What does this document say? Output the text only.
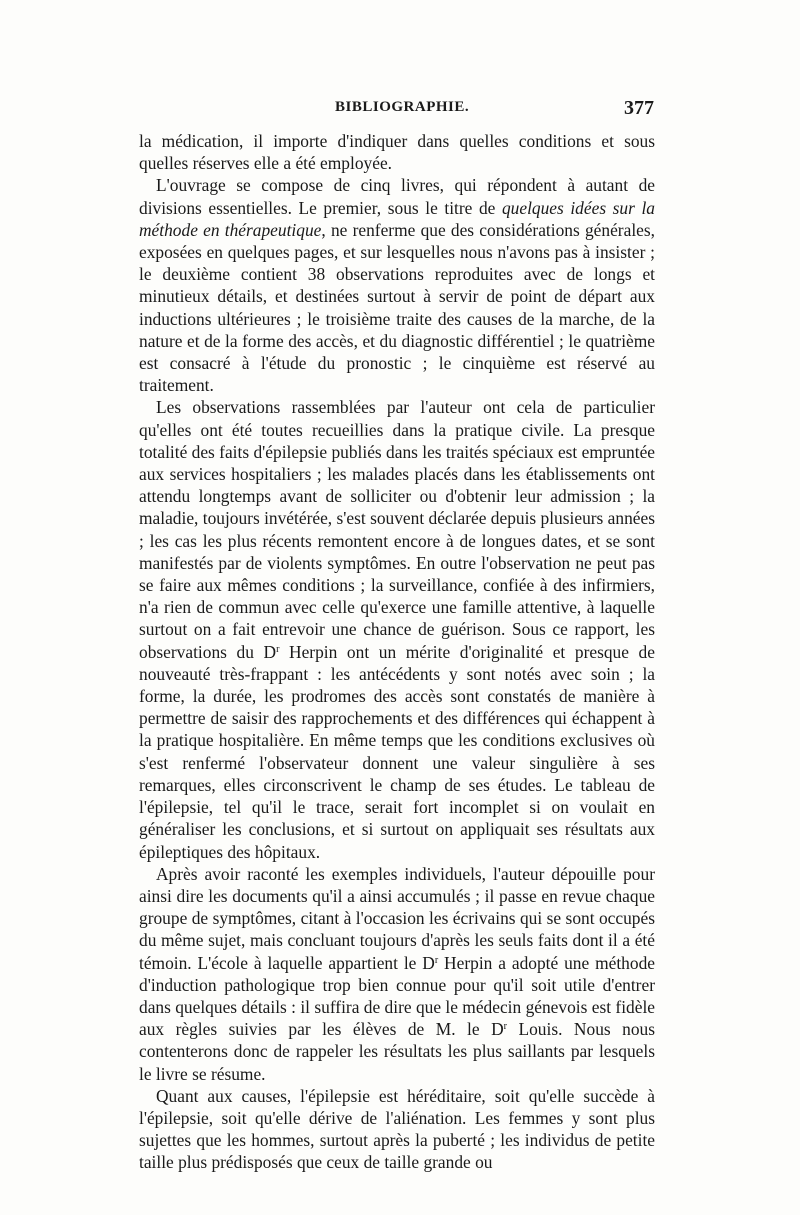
BIBLIOGRAPHIE.	377

la médication, il importe d'indiquer dans quelles conditions et sous quelles réserves elle a été employée.

L'ouvrage se compose de cinq livres, qui répondent à autant de divisions essentielles. Le premier, sous le titre de quelques idées sur la méthode en thérapeutique, ne renferme que des considérations générales, exposées en quelques pages, et sur lesquelles nous n'avons pas à insister ; le deuxième contient 38 observations reproduites avec de longs et minutieux détails, et destinées surtout à servir de point de départ aux inductions ultérieures ; le troisième traite des causes de la marche, de la nature et de la forme des accès, et du diagnostic différentiel ; le quatrième est consacré à l'étude du pronostic ; le cinquième est réservé au traitement.

Les observations rassemblées par l'auteur ont cela de particulier qu'elles ont été toutes recueillies dans la pratique civile. La presque totalité des faits d'épilepsie publiés dans les traités spéciaux est empruntée aux services hospitaliers ; les malades placés dans les établissements ont attendu longtemps avant de solliciter ou d'obtenir leur admission ; la maladie, toujours invétérée, s'est souvent déclarée depuis plusieurs années ; les cas les plus récents remontent encore à de longues dates, et se sont manifestés par de violents symptômes. En outre l'observation ne peut pas se faire aux mêmes conditions ; la surveillance, confiée à des infirmiers, n'a rien de commun avec celle qu'exerce une famille attentive, à laquelle surtout on a fait entrevoir une chance de guérison. Sous ce rapport, les observations du $D^r$ Herpin ont un mérite d'originalité et presque de nouveauté très-frappant : les antécédents y sont notés avec soin ; la forme, la durée, les prodromes des accès sont constatés de manière à permettre de saisir des rapprochements et des différences qui échappent à la pratique hospitalière. En même temps que les conditions exclusives où s'est renfermé l'observateur donnent une valeur singulière à ses remarques, elles circonscrivent le champ de ses études. Le tableau de l'épilepsie, tel qu'il le trace, serait fort incomplet si on voulait en généraliser les conclusions, et si surtout on appliquait ses résultats aux épileptiques des hôpitaux.

Après avoir raconté les exemples individuels, l'auteur dépouille pour ainsi dire les documents qu'il a ainsi accumulés ; il passe en revue chaque groupe de symptômes, citant à l'occasion les écrivains qui se sont occupés du même sujet, mais concluant toujours d'après les seuls faits dont il a été témoin. L'école à laquelle appartient le $D^r$ Herpin a adopté une méthode d'induction pathologique trop bien connue pour qu'il soit utile d'entrer dans quelques détails : il suffira de dire que le médecin génevois est fidèle aux règles suivies par les élèves de M. le $D^r$ Louis. Nous nous contenterons donc de rappeler les résultats les plus saillants par lesquels le livre se résume.

Quant aux causes, l'épilepsie est héréditaire, soit qu'elle succède à l'épilepsie, soit qu'elle dérive de l'aliénation. Les femmes y sont plus sujettes que les hommes, surtout après la puberté ; les individus de petite taille plus prédisposés que ceux de taille grande ou
